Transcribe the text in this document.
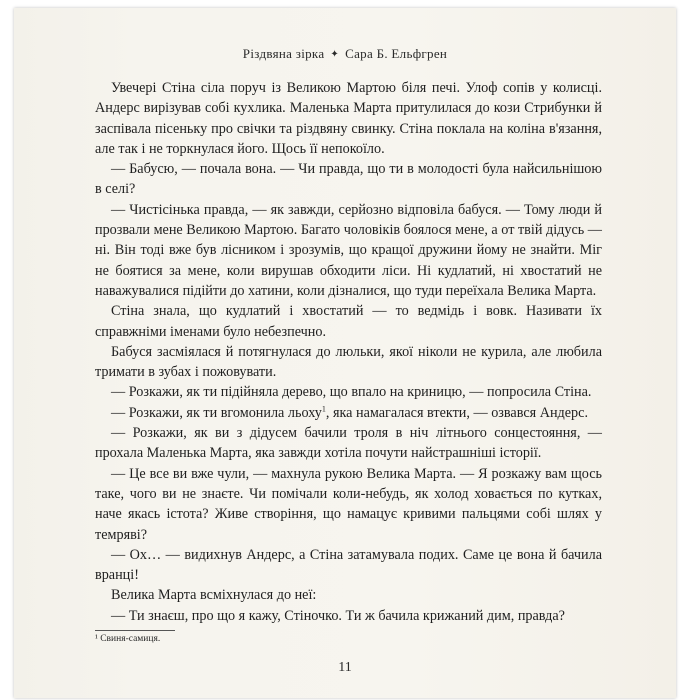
Різдвяна зірка ✦ Сара Б. Ельфгрен

Увечері Стіна сіла поруч із Великою Мартою біля печі. Улоф сопів у колисці. Андерс вирізував собі кухлика. Маленька Марта притулилася до кози Стрибунки й заспівала пісеньку про свічки та різдвяну свинку. Стіна поклала на коліна в'язання, але так і не торкнулася його. Щось її непокоїло.

— Бабусю, — почала вона. — Чи правда, що ти в молодості була найсильнішою в селі?

— Чистісінька правда, — як завжди, серйозно відповіла бабуся. — Тому люди й прозвали мене Великою Мартою. Багато чоловіків боялося мене, а от твій дідусь — ні. Він тоді вже був лісником і зрозумів, що кращої дружини йому не знайти. Міг не боятися за мене, коли вирушав обходити ліси. Ні кудлатий, ні хвостатий не наважувалися підійти до хатини, коли дізналися, що туди переїхала Велика Марта.

Стіна знала, що кудлатий і хвостатий — то ведмідь і вовк. Називати їх справжніми іменами було небезпечно.

Бабуся засміялася й потягнулася до люльки, якої ніколи не курила, але любила тримати в зубах і пожовувати.

— Розкажи, як ти підійняла дерево, що впало на криницю, — попросила Стіна.

— Розкажи, як ти вгомонила льоху$^1$, яка намагалася втекти, — озвався Андерс.

— Розкажи, як ви з дідусем бачили троля в ніч літнього сонцестояння, — прохала Маленька Марта, яка завжди хотіла почути найстрашніші історії.

— Це все ви вже чули, — махнула рукою Велика Марта. — Я розкажу вам щось таке, чого ви не знаєте. Чи помічали коли-небудь, як холод ховається по кутках, наче якась істота? Живе створіння, що намацує кривими пальцями собі шлях у темряві?

— Ох… — видихнув Андерс, а Стіна затамувала подих. Саме це вона й бачила вранці!

Велика Марта всміхнулася до неї:

— Ти знаєш, про що я кажу, Стіночко. Ти ж бачила крижаний дим, правда?

¹ Свиня-самиця.
11
